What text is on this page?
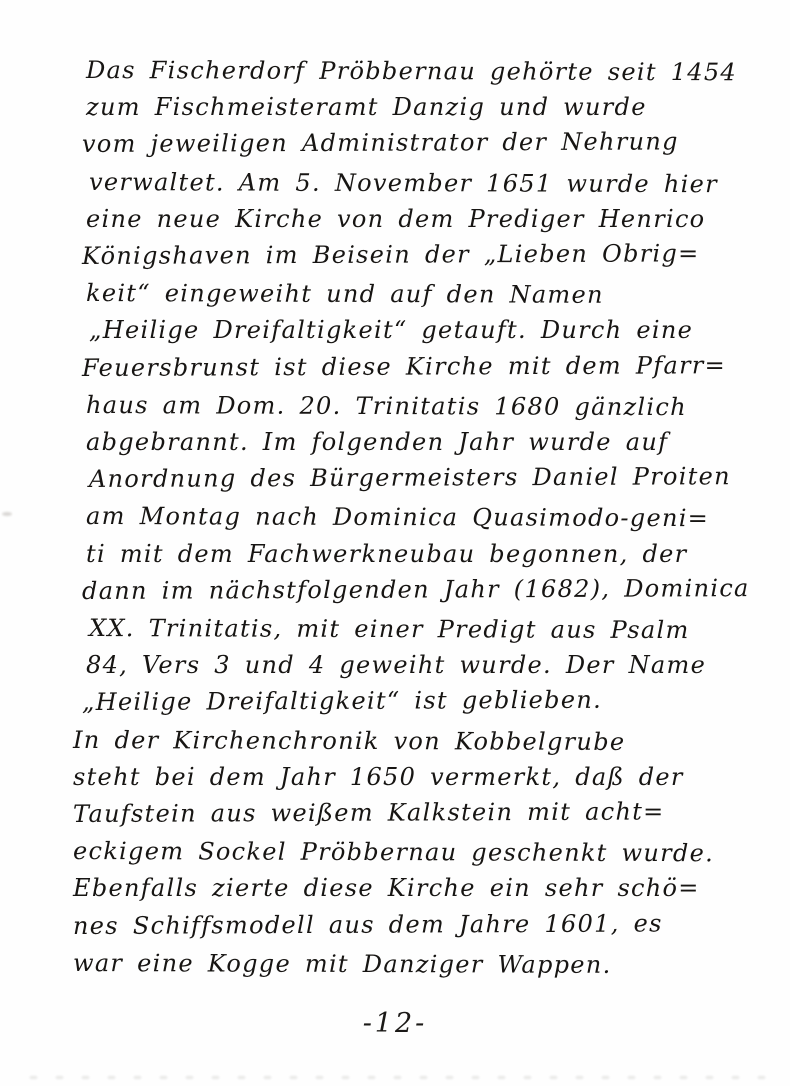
Das Fischerdorf Pröbbernau gehörte seit 1454
zum Fischmeisteramt Danzig und wurde
vom jeweiligen Administrator der Nehrung
verwaltet. Am 5. November 1651 wurde hier
eine neue Kirche von dem Prediger Henrico
Königshaven im Beisein der „Lieben Obrig=
keit“ eingeweiht und auf den Namen
„Heilige Dreifaltigkeit“ getauft. Durch eine
Feuersbrunst ist diese Kirche mit dem Pfarr=
haus am Dom. 20. Trinitatis 1680 gänzlich
abgebrannt. Im folgenden Jahr wurde auf
Anordnung des Bürgermeisters Daniel Proiten
am Montag nach Dominica Quasimodo-geni=
ti mit dem Fachwerkneubau begonnen, der
dann im nächstfolgenden Jahr (1682), Dominica
XX. Trinitatis, mit einer Predigt aus Psalm
84, Vers 3 und 4 geweiht wurde. Der Name
„Heilige Dreifaltigkeit“ ist geblieben.
In der Kirchenchronik von Kobbelgrube
steht bei dem Jahr 1650 vermerkt, daß der
Taufstein aus weißem Kalkstein mit acht=
eckigem Sockel Pröbbernau geschenkt wurde.
Ebenfalls zierte diese Kirche ein sehr schö=
nes Schiffsmodell aus dem Jahre 1601, es
war eine Kogge mit Danziger Wappen.
-12-
